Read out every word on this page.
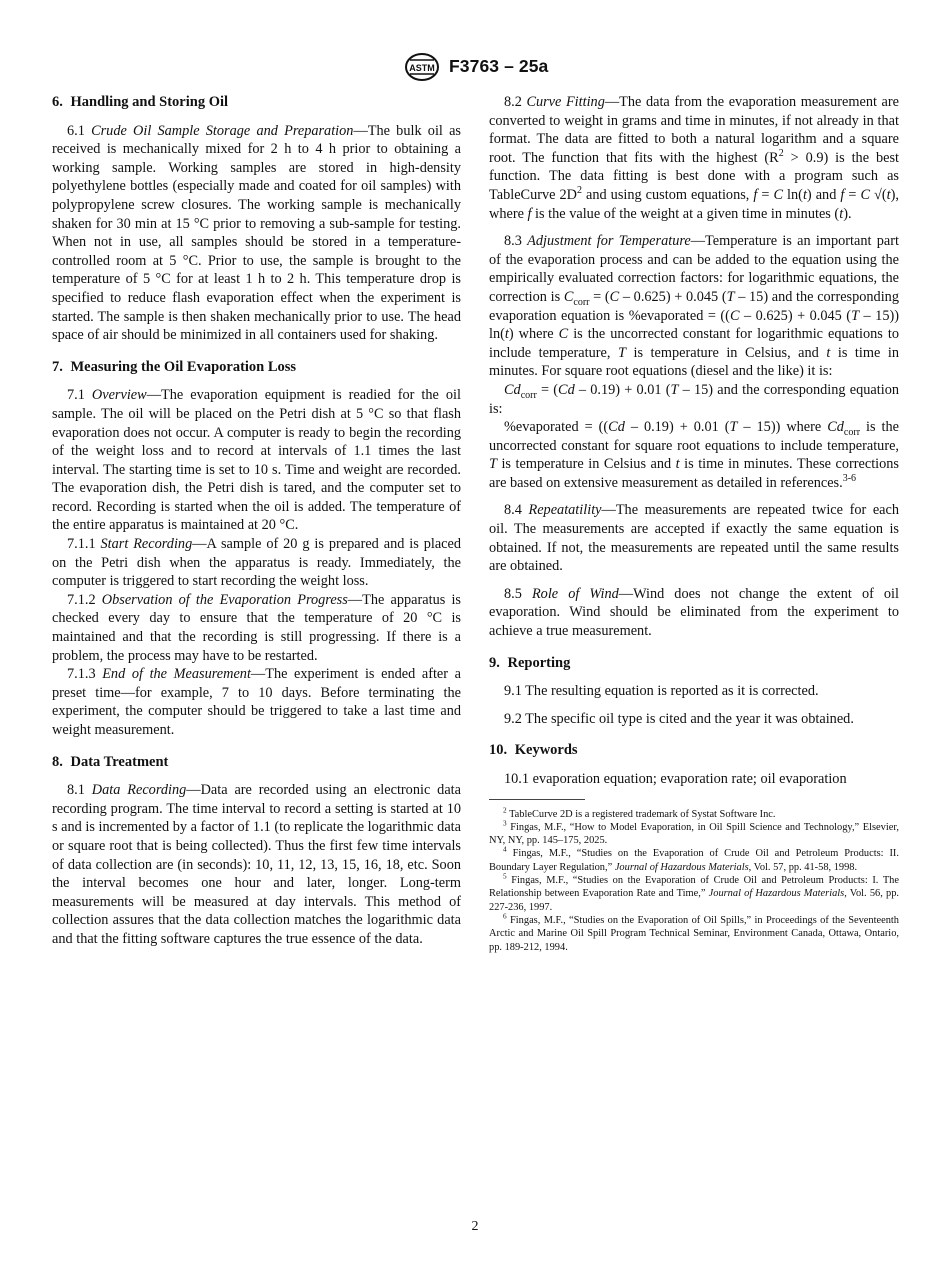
ASTM F3763 – 25a
6. Handling and Storing Oil

6.1 Crude Oil Sample Storage and Preparation—The bulk oil as received is mechanically mixed for 2 h to 4 h prior to obtaining a working sample. Working samples are stored in high-density polyethylene bottles (especially made and coated for oil samples) with polypropylene screw closures. The working sample is mechanically shaken for 30 min at 15 °C prior to removing a sub-sample for testing. When not in use, all samples should be stored in a temperature-controlled room at 5 °C. Prior to use, the sample is brought to the temperature of 5 °C for at least 1 h to 2 h. This temperature drop is specified to reduce flash evaporation effect when the experiment is started. The sample is then shaken mechanically prior to use. The head space of air should be minimized in all containers used for shaking.

7. Measuring the Oil Evaporation Loss

7.1 Overview—The evaporation equipment is readied for the oil sample. The oil will be placed on the Petri dish at 5 °C so that flash evaporation does not occur. A computer is ready to begin the recording of the weight loss and to record at intervals of 1.1 times the last interval. The starting time is set to 10 s. Time and weight are recorded. The evaporation dish, the Petri dish is tared, and the computer set to record. Recording is started when the oil is added. The temperature of the entire apparatus is maintained at 20 °C.

7.1.1 Start Recording—A sample of 20 g is prepared and is placed on the Petri dish when the apparatus is ready. Immediately, the computer is triggered to start recording the weight loss.

7.1.2 Observation of the Evaporation Progress—The apparatus is checked every day to ensure that the temperature of 20 °C is maintained and that the recording is still progressing. If there is a problem, the process may have to be restarted.

7.1.3 End of the Measurement—The experiment is ended after a preset time—for example, 7 to 10 days. Before terminating the experiment, the computer should be triggered to take a last time and weight measurement.

8. Data Treatment

8.1 Data Recording—Data are recorded using an electronic data recording program. The time interval to record a setting is started at 10 s and is incremented by a factor of 1.1 (to replicate the logarithmic data or square root that is being collected). Thus the first few time intervals of data collection are (in seconds): 10, 11, 12, 13, 15, 16, 18, etc. Soon the interval becomes one hour and later, longer. Long-term measurements will be measured at day intervals. This method of collection assures that the data collection matches the logarithmic data and that the fitting software captures the true essence of the data.

8.2 Curve Fitting—The data from the evaporation measurement are converted to weight in grams and time in minutes, if not already in that format. The data are fitted to both a natural logarithm and a square root. The function that fits with the highest $(R^2 > 0.9)$ is the best function. The data fitting is best done with a program such as TableCurve $2D^2$ and using custom equations, f = C ln(t) and f = C √(t), where f is the value of the weight at a given time in minutes (t).

8.3 Adjustment for Temperature—Temperature is an important part of the evaporation process and can be added to the equation using the empirically evaluated correction factors: for logarithmic equations, the correction is $C_{corr} = (C - 0.625) + 0.045$ (T – 15) and the corresponding evaporation equation is %evaporated = ((C – 0.625) + 0.045 (T – 15)) ln(t) where C is the uncorrected constant for logarithmic equations to include temperature, T is temperature in Celsius, and t is time in minutes. For square root equations (diesel and the like) it is:

$Cd_{corr} = (Cd - 0.19) + 0.01$ (T – 15) and the corresponding equation is:

%evaporated = ((Cd – 0.19) + 0.01 (T – 15)) where $Cd_{corr}$ is the uncorrected constant for square root equations to include temperature, T is temperature in Celsius and t is time in minutes. These corrections are based on extensive measurement as detailed in references.$^{3-6}$

8.4 Repeatatility—The measurements are repeated twice for each oil. The measurements are accepted if exactly the same equation is obtained. If not, the measurements are repeated until the same results are obtained.

8.5 Role of Wind—Wind does not change the extent of oil evaporation. Wind should be eliminated from the experiment to achieve a true measurement.

9. Reporting

9.1 The resulting equation is reported as it is corrected.

9.2 The specific oil type is cited and the year it was obtained.

10. Keywords

10.1 evaporation equation; evaporation rate; oil evaporation

$^2$ TableCurve 2D is a registered trademark of Systat Software Inc.

$^3$ Fingas, M.F., “How to Model Evaporation, in Oil Spill Science and Technology,” Elsevier, NY, NY, pp. 145–175, 2025.

$^4$ Fingas, M.F., “Studies on the Evaporation of Crude Oil and Petroleum Products: II. Boundary Layer Regulation,” Journal of Hazardous Materials, Vol. 57, pp. 41-58, 1998.

$^5$ Fingas, M.F., “Studies on the Evaporation of Crude Oil and Petroleum Products: I. The Relationship between Evaporation Rate and Time,” Journal of Hazardous Materials, Vol. 56, pp. 227-236, 1997.

$^6$ Fingas, M.F., “Studies on the Evaporation of Oil Spills,” in Proceedings of the Seventeenth Arctic and Marine Oil Spill Program Technical Seminar, Environment Canada, Ottawa, Ontario, pp. 189-212, 1994.

2
